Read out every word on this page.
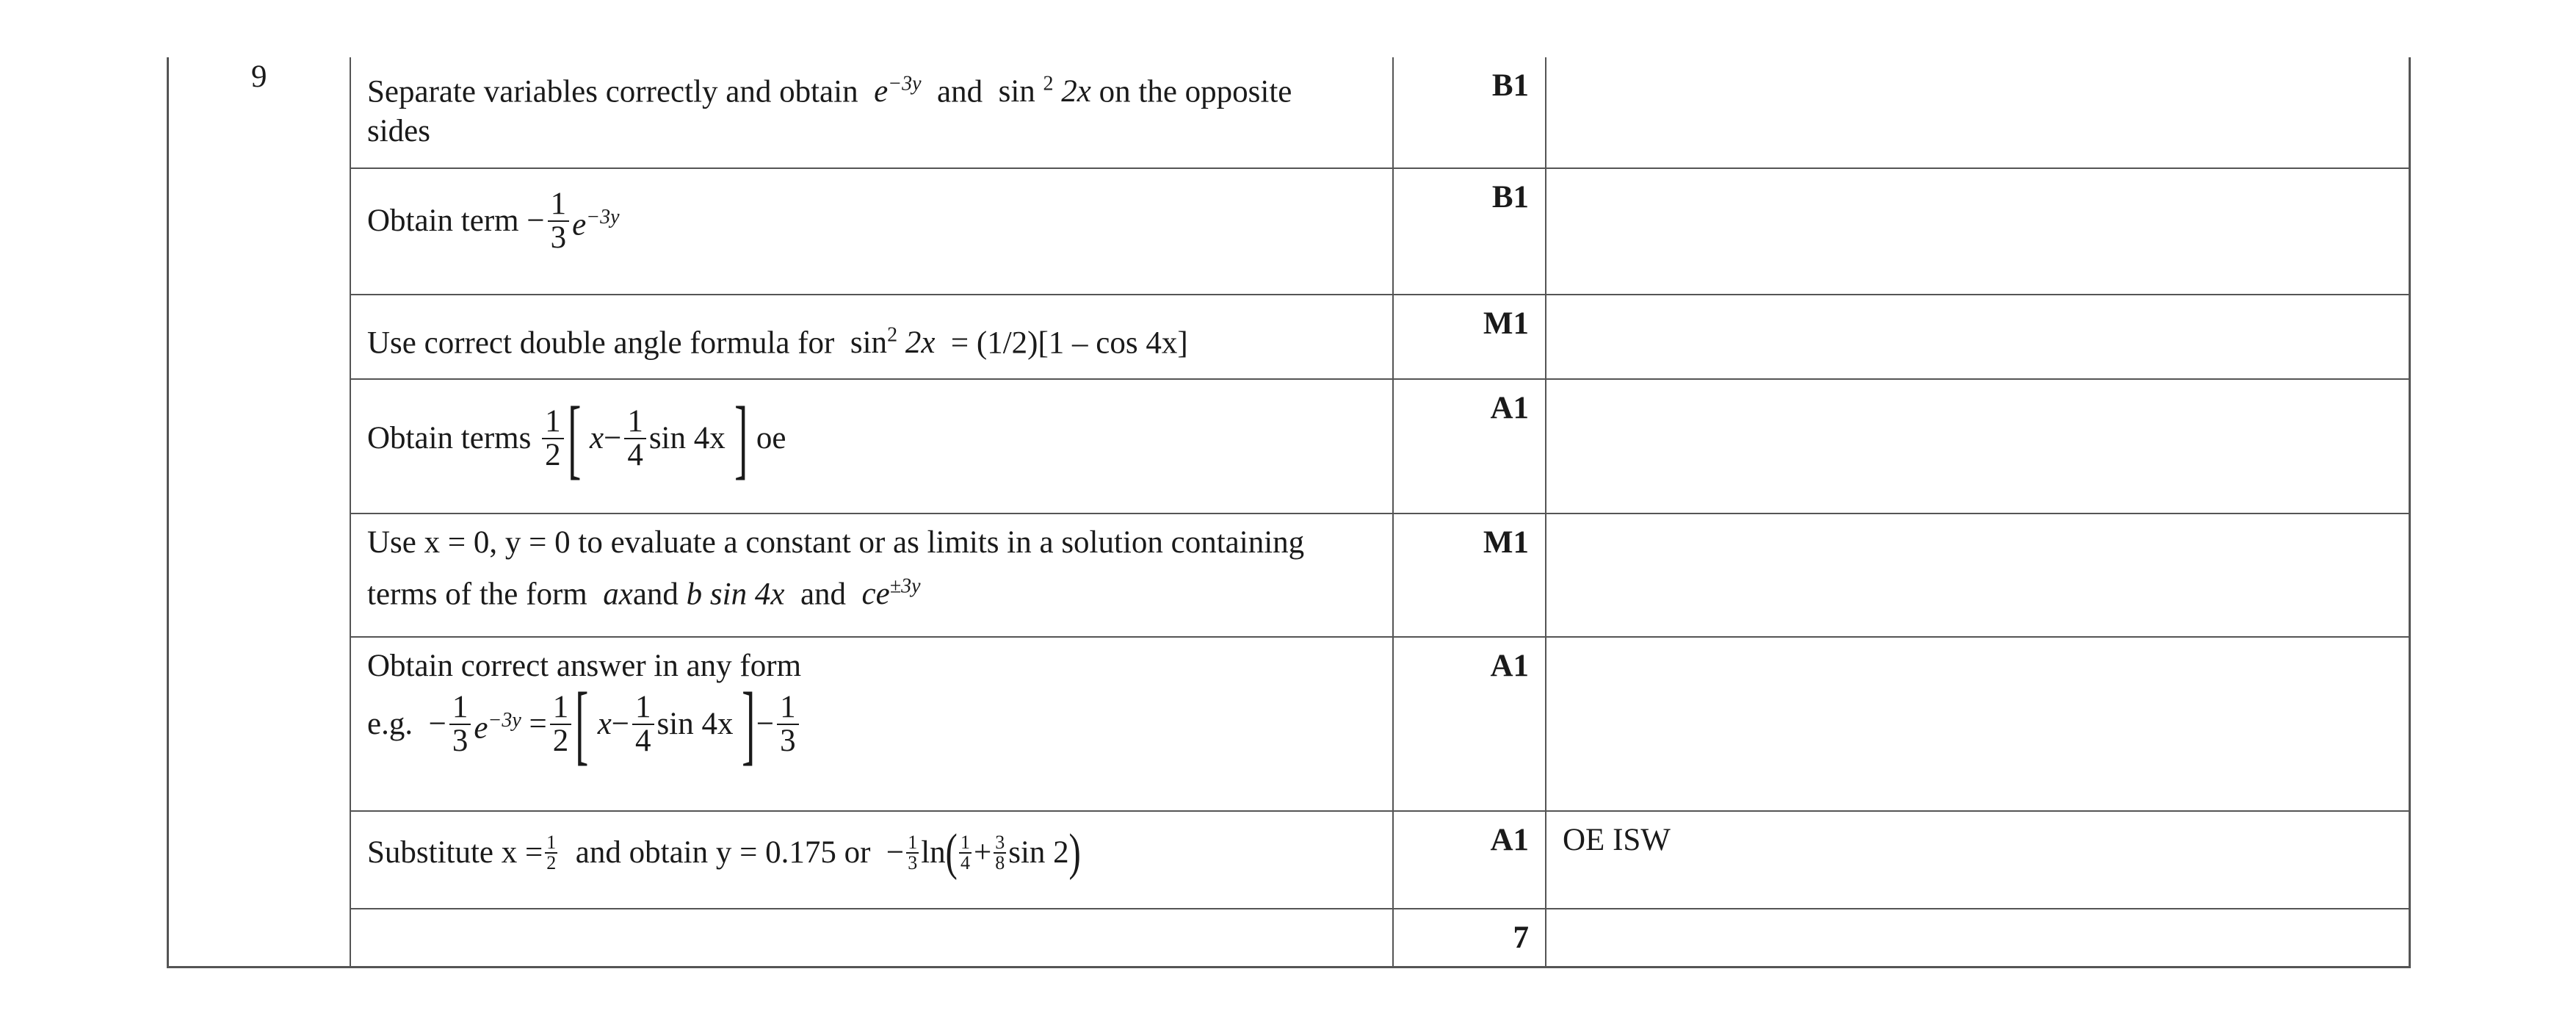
9	Separate variables correctly and obtain $e^{-3y}$ and sin $^2$ 2x on the opposite
sides
B1
Obtain term − $\frac{1}{3} e^{-3y}$
B1
Use correct double angle formula for $\sin^2 2x = (1/2)[1 - \cos 4x]$
M1
Obtain terms $\frac{1}{2}$ [ $x- \frac{1}{4}$ sin 4x ] oe
A1
Use x = 0, y = 0 to evaluate a constant or as limits in a solution containing
terms of the form axand b sin 4x and $ce^{\pm 3y}$
M1
Obtain correct answer in any form
e.g. − $\frac{1}{3} e^{-3y} = \frac{1}{2}$ [ $x- \frac{1}{4}$ sin 4x ]− $\frac{1}{3}$
A1
Substitute $x = \frac{1}{2}$ and obtain y = 0.175 or − $\frac{1}{3} \ln( \frac{1}{4} + \frac{3}{8}$ sin 2)	A1 OE ISW
7
